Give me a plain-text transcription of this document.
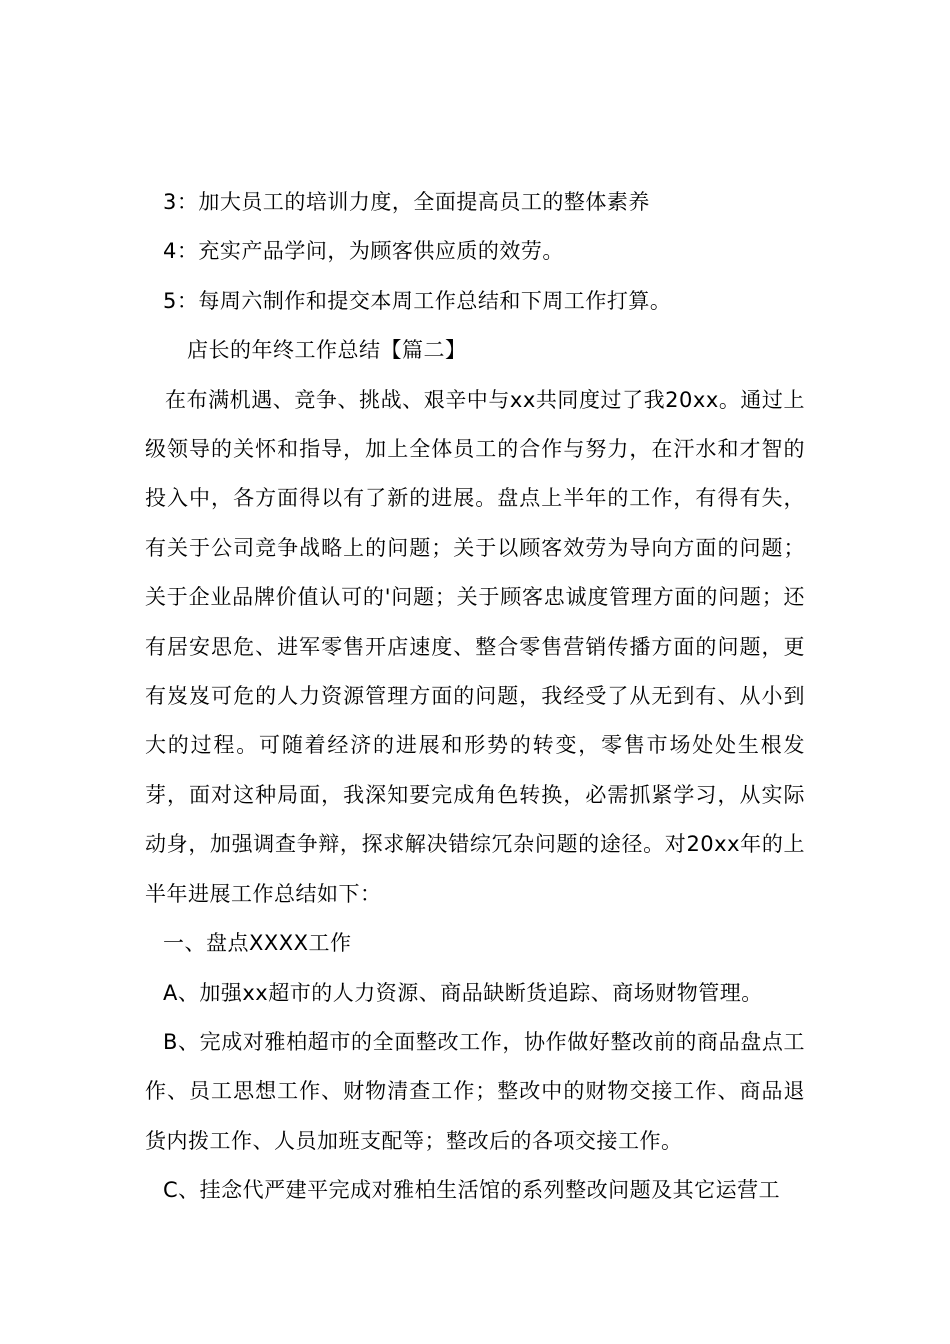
3：加大员工的培训力度，全面提高员工的整体素养

4：充实产品学问，为顾客供应质的效劳。

5：每周六制作和提交本周工作总结和下周工作打算。

店长的年终工作总结【篇二】

在布满机遇、竞争、挑战、艰辛中与xx共同度过了我20xx。通过上级领导的关怀和指导，加上全体员工的合作与努力，在汗水和才智的投入中，各方面得以有了新的进展。盘点上半年的工作，有得有失，有关于公司竞争战略上的问题；关于以顾客效劳为导向方面的问题；关于企业品牌价值认可的'问题；关于顾客忠诚度管理方面的问题；还有居安思危、进军零售开店速度、整合零售营销传播方面的问题，更有岌岌可危的人力资源管理方面的问题，我经受了从无到有、从小到大的过程。可随着经济的进展和形势的转变，零售市场处处生根发芽，面对这种局面，我深知要完成角色转换，必需抓紧学习，从实际动身，加强调查争辩，探求解决错综冗杂问题的途径。对20xx年的上半年进展工作总结如下：

一、盘点XXXX工作

A、加强xx超市的人力资源、商品缺断货追踪、商场财物管理。

B、完成对雅柏超市的全面整改工作，协作做好整改前的商品盘点工作、员工思想工作、财物清查工作；整改中的财物交接工作、商品退货内拨工作、人员加班支配等；整改后的各项交接工作。

C、挂念代严建平完成对雅柏生活馆的系列整改问题及其它运营工
